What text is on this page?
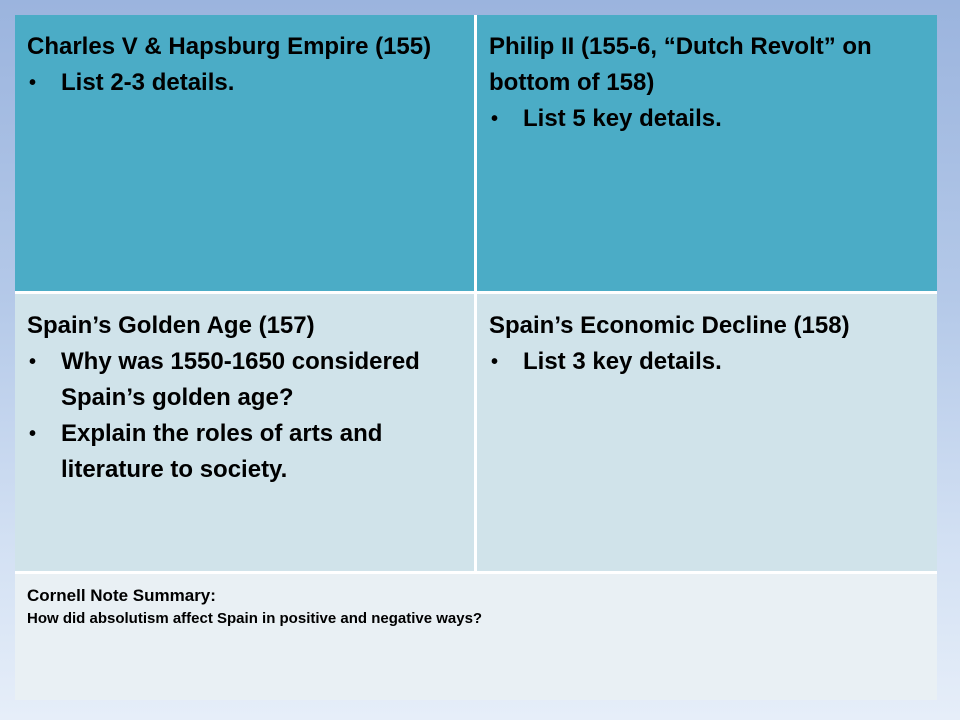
Charles V & Hapsburg Empire (155)
• List 2-3 details.
Philip II (155-6, “Dutch Revolt” on bottom of 158)
• List 5 key details.
Spain’s Golden Age (157)
• Why was 1550-1650 considered Spain’s golden age?
• Explain the roles of arts and literature to society.
Spain’s Economic Decline (158)
• List 3 key details.
Cornell Note Summary:
How did absolutism affect Spain in positive and negative ways?
